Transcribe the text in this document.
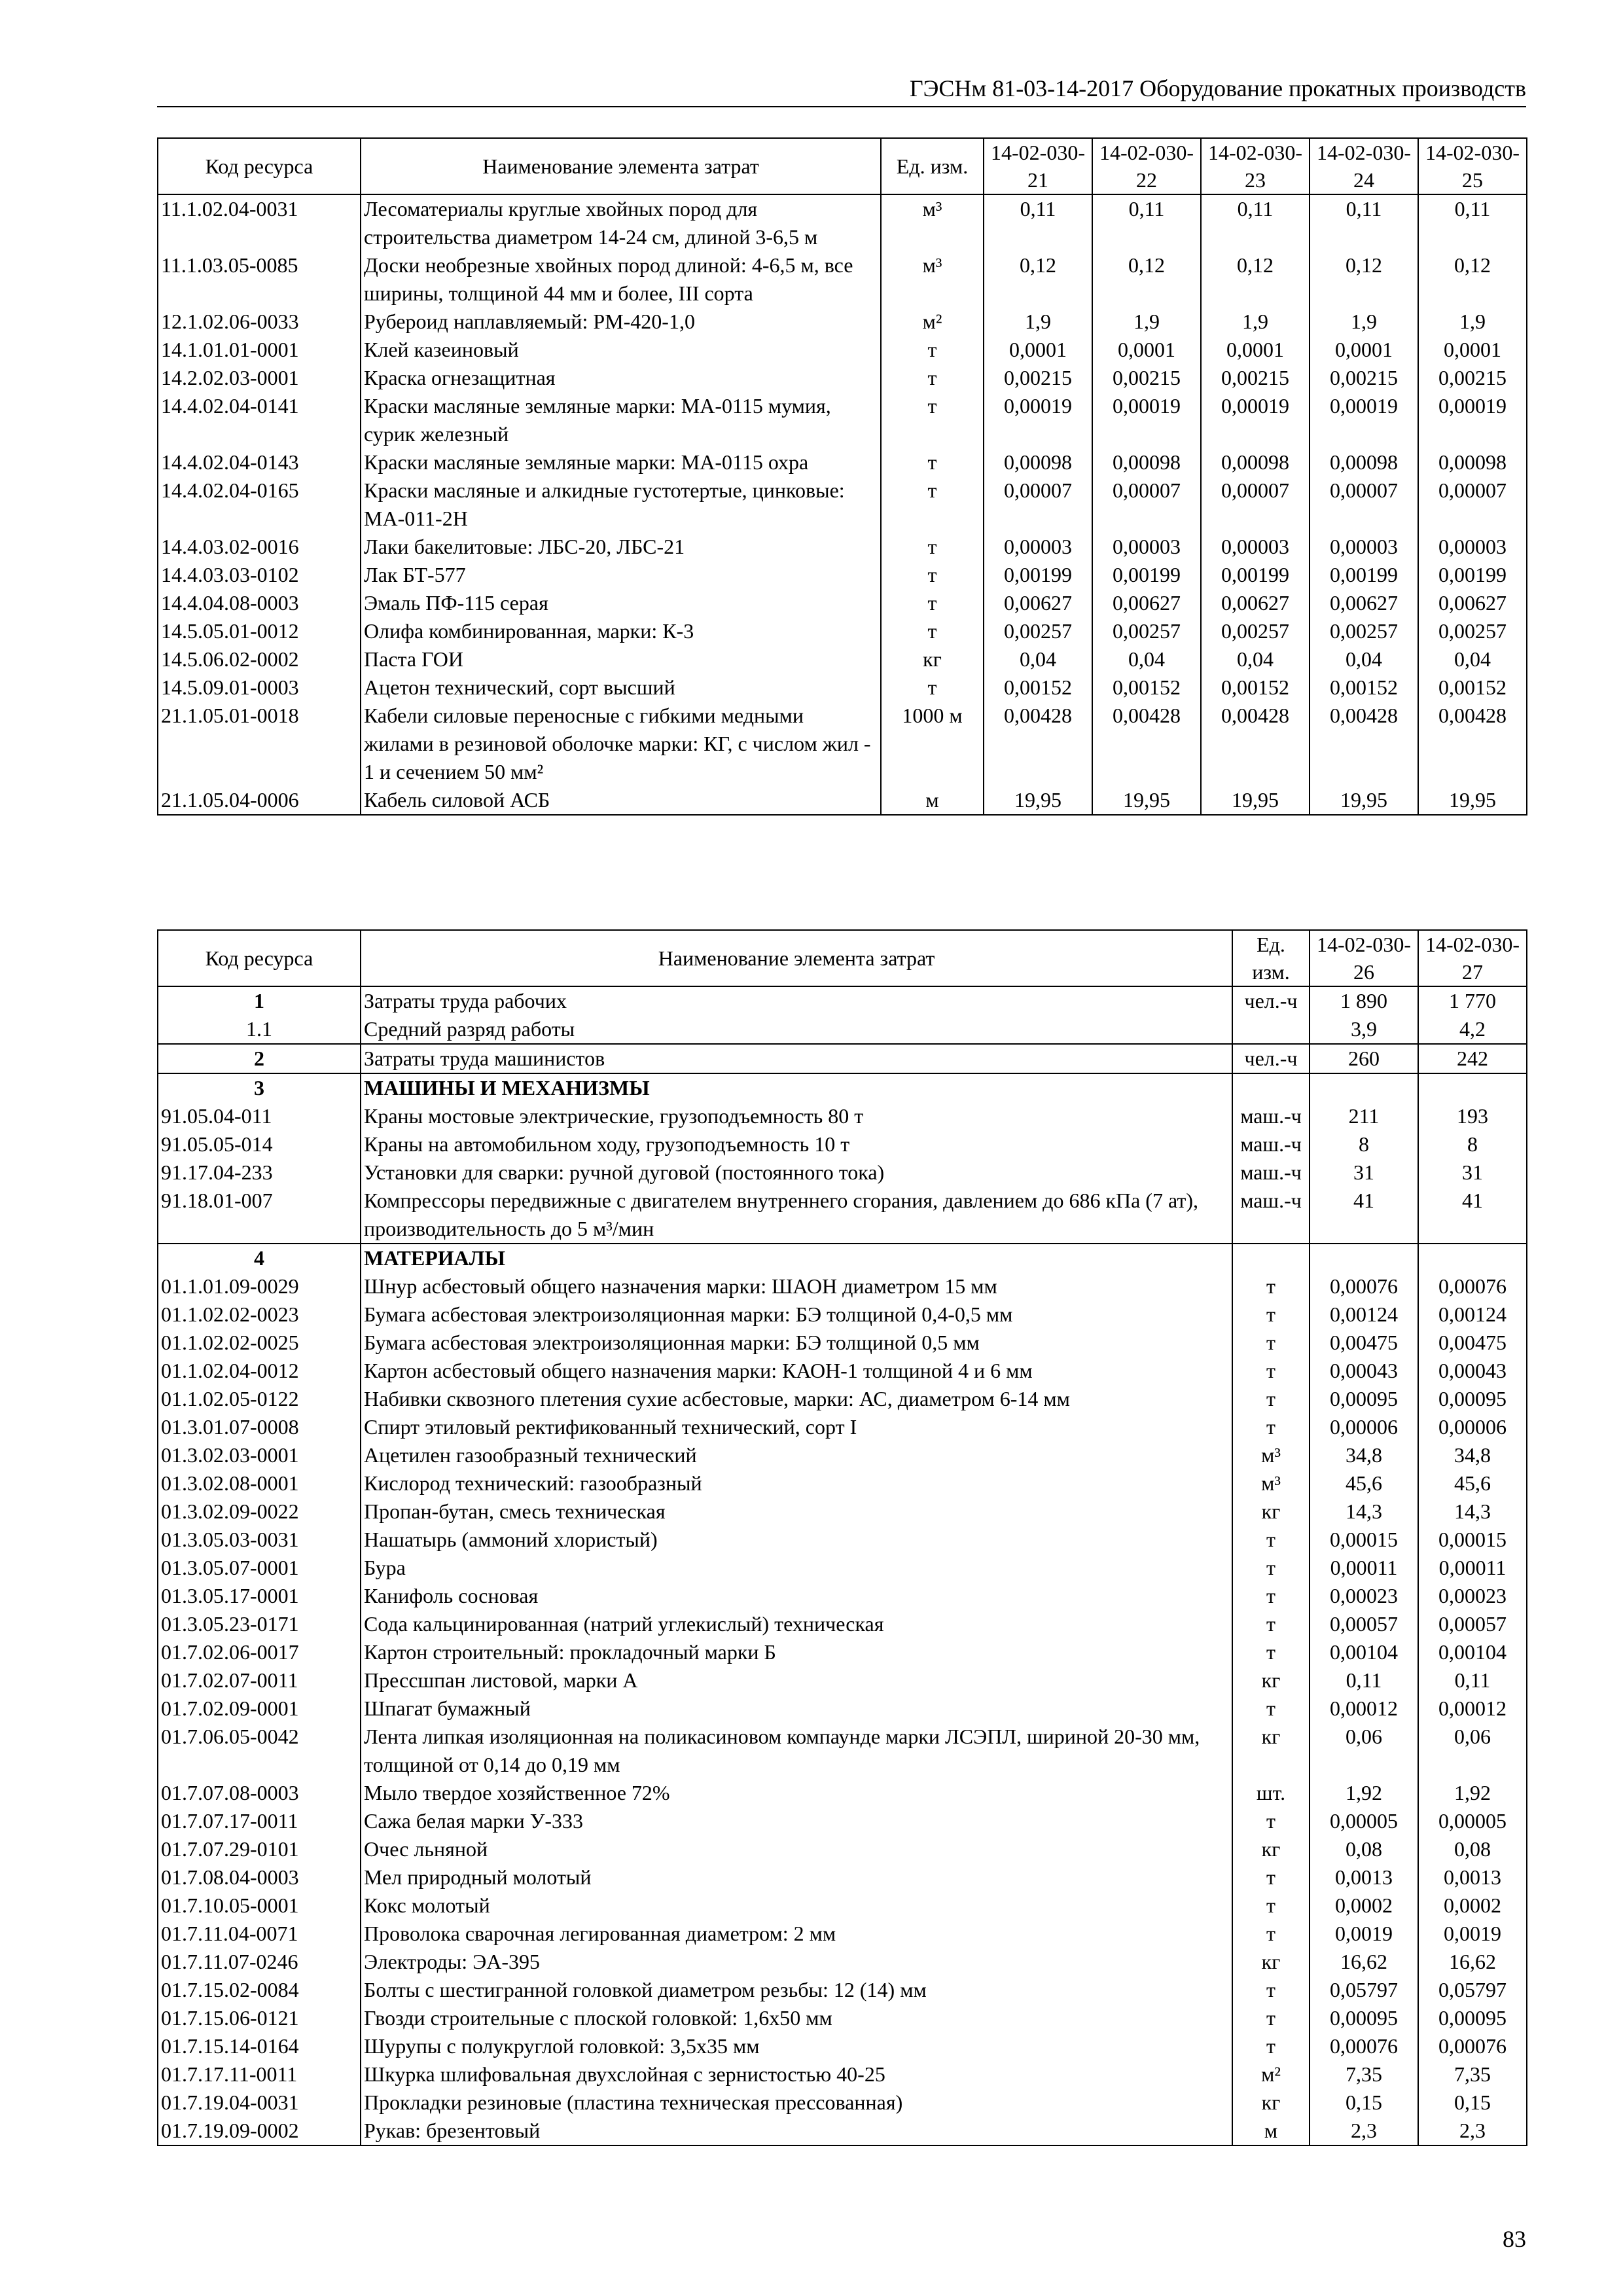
ГЭСНм 81-03-14-2017 Оборудование прокатных производств
Код ресурса	Наименование элемента затрат	Ед. изм.	14-02-030-21	14-02-030-22	14-02-030-23	14-02-030-24	14-02-030-25
11.1.02.04-0031	Лесоматериалы круглые хвойных пород для строительства диаметром 14-24 см, длиной 3-6,5 м	м³	0,11	0,11	0,11	0,11	0,11
11.1.03.05-0085	Доски необрезные хвойных пород длиной: 4-6,5 м, все ширины, толщиной 44 мм и более, III сорта	м³	0,12	0,12	0,12	0,12	0,12
12.1.02.06-0033	Рубероид наплавляемый: РМ-420-1,0	м²	1,9	1,9	1,9	1,9	1,9
14.1.01.01-0001	Клей казеиновый	т	0,0001	0,0001	0,0001	0,0001	0,0001
14.2.02.03-0001	Краска огнезащитная	т	0,00215	0,00215	0,00215	0,00215	0,00215
14.4.02.04-0141	Краски масляные земляные марки: МА-0115 мумия, сурик железный	т	0,00019	0,00019	0,00019	0,00019	0,00019
14.4.02.04-0143	Краски масляные земляные марки: МА-0115 охра	т	0,00098	0,00098	0,00098	0,00098	0,00098
14.4.02.04-0165	Краски масляные и алкидные густотертые, цинковые: МА-011-2Н	т	0,00007	0,00007	0,00007	0,00007	0,00007
14.4.03.02-0016	Лаки бакелитовые: ЛБС-20, ЛБС-21	т	0,00003	0,00003	0,00003	0,00003	0,00003
14.4.03.03-0102	Лак БТ-577	т	0,00199	0,00199	0,00199	0,00199	0,00199
14.4.04.08-0003	Эмаль ПФ-115 серая	т	0,00627	0,00627	0,00627	0,00627	0,00627
14.5.05.01-0012	Олифа комбинированная, марки: К-3	т	0,00257	0,00257	0,00257	0,00257	0,00257
14.5.06.02-0002	Паста ГОИ	кг	0,04	0,04	0,04	0,04	0,04
14.5.09.01-0003	Ацетон технический, сорт высший	т	0,00152	0,00152	0,00152	0,00152	0,00152
21.1.05.01-0018	Кабели силовые переносные с гибкими медными жилами в резиновой оболочке марки: КГ, с числом жил - 1 и сечением 50 мм²	1000 м	0,00428	0,00428	0,00428	0,00428	0,00428
21.1.05.04-0006	Кабель силовой АСБ	м	19,95	19,95	19,95	19,95	19,95
Код ресурса	Наименование элемента затрат	Ед. изм.	14-02-030-26	14-02-030-27
1	Затраты труда рабочих	чел.-ч	1 890	1 770
1.1	Средний разряд работы		3,9	4,2
2	Затраты труда машинистов	чел.-ч	260	242
3	МАШИНЫ И МЕХАНИЗМЫ			
91.05.04-011	Краны мостовые электрические, грузоподъемность 80 т	маш.-ч	211	193
91.05.05-014	Краны на автомобильном ходу, грузоподъемность 10 т	маш.-ч	8	8
91.17.04-233	Установки для сварки: ручной дуговой (постоянного тока)	маш.-ч	31	31
91.18.01-007	Компрессоры передвижные с двигателем внутреннего сгорания, давлением до 686 кПа (7 ат), производительность до 5 м³/мин	маш.-ч	41	41
4	МАТЕРИАЛЫ			
01.1.01.09-0029	Шнур асбестовый общего назначения марки: ШАОН диаметром 15 мм	т	0,00076	0,00076
01.1.02.02-0023	Бумага асбестовая электроизоляционная марки: БЭ толщиной 0,4-0,5 мм	т	0,00124	0,00124
01.1.02.02-0025	Бумага асбестовая электроизоляционная марки: БЭ толщиной 0,5 мм	т	0,00475	0,00475
01.1.02.04-0012	Картон асбестовый общего назначения марки: КАОН-1 толщиной 4 и 6 мм	т	0,00043	0,00043
01.1.02.05-0122	Набивки сквозного плетения сухие асбестовые, марки: АС, диаметром 6-14 мм	т	0,00095	0,00095
01.3.01.07-0008	Спирт этиловый ректификованный технический, сорт I	т	0,00006	0,00006
01.3.02.03-0001	Ацетилен газообразный технический	м³	34,8	34,8
01.3.02.08-0001	Кислород технический: газообразный	м³	45,6	45,6
01.3.02.09-0022	Пропан-бутан, смесь техническая	кг	14,3	14,3
01.3.05.03-0031	Нашатырь (аммоний хлористый)	т	0,00015	0,00015
01.3.05.07-0001	Бура	т	0,00011	0,00011
01.3.05.17-0001	Канифоль сосновая	т	0,00023	0,00023
01.3.05.23-0171	Сода кальцинированная (натрий углекислый) техническая	т	0,00057	0,00057
01.7.02.06-0017	Картон строительный: прокладочный марки Б	т	0,00104	0,00104
01.7.02.07-0011	Прессшпан листовой, марки А	кг	0,11	0,11
01.7.02.09-0001	Шпагат бумажный	т	0,00012	0,00012
01.7.06.05-0042	Лента липкая изоляционная на поликасиновом компаунде марки ЛСЭПЛ, шириной 20-30 мм, толщиной от 0,14 до 0,19 мм	кг	0,06	0,06
01.7.07.08-0003	Мыло твердое хозяйственное 72%	шт.	1,92	1,92
01.7.07.17-0011	Сажа белая марки У-333	т	0,00005	0,00005
01.7.07.29-0101	Очес льняной	кг	0,08	0,08
01.7.08.04-0003	Мел природный молотый	т	0,0013	0,0013
01.7.10.05-0001	Кокс молотый	т	0,0002	0,0002
01.7.11.04-0071	Проволока сварочная легированная диаметром: 2 мм	т	0,0019	0,0019
01.7.11.07-0246	Электроды: ЭА-395	кг	16,62	16,62
01.7.15.02-0084	Болты с шестигранной головкой диаметром резьбы: 12 (14) мм	т	0,05797	0,05797
01.7.15.06-0121	Гвозди строительные с плоской головкой: 1,6x50 мм	т	0,00095	0,00095
01.7.15.14-0164	Шурупы с полукруглой головкой: 3,5x35 мм	т	0,00076	0,00076
01.7.17.11-0011	Шкурка шлифовальная двухслойная с зернистостью 40-25	м²	7,35	7,35
01.7.19.04-0031	Прокладки резиновые (пластина техническая прессованная)	кг	0,15	0,15
01.7.19.09-0002	Рукав: брезентовый	м	2,3	2,3
83
